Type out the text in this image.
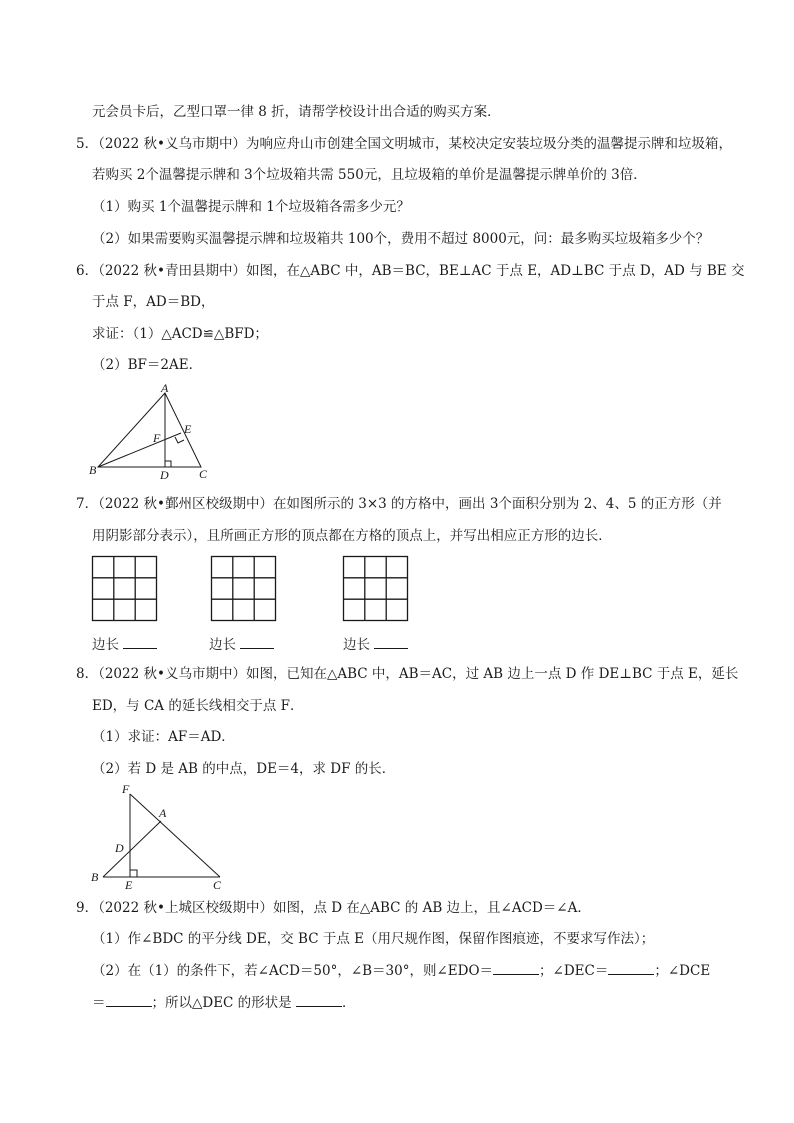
元会员卡后，乙型口罩一律 8 折，请帮学校设计出合适的购买方案．
5．（2022 秋•义乌市期中）为响应舟山市创建全国文明城市，某校决定安装垃圾分类的温馨提示牌和垃圾箱，
若购买 2个温馨提示牌和 3个垃圾箱共需 550元，且垃圾箱的单价是温馨提示牌单价的 3倍．
（1）购买 1个温馨提示牌和 1个垃圾箱各需多少元？
（2）如果需要购买温馨提示牌和垃圾箱共 100个，费用不超过 8000元，问：最多购买垃圾箱多少个？
6．（2022 秋•青田县期中）如图，在△ABC 中，AB＝BC，BE⊥AC 于点 E，AD⊥BC 于点 D，AD 与 BE 交
于点 F，AD＝BD，
求证：（1）△ACD≌△BFD；
（2）BF＝2AE．
A
B	C
D
E
F
7．（2022 秋•鄞州区校级期中）在如图所示的 3×3 的方格中，画出 3个面积分别为 2、4、5 的正方形（并
用阴影部分表示），且所画正方形的顶点都在方格的顶点上，并写出相应正方形的边长．
边长	边长	边长
8．（2022 秋•义乌市期中）如图，已知在△ABC 中，AB＝AC，过 AB 边上一点 D 作 DE⊥BC 于点 E，延长
ED，与 CA 的延长线相交于点 F．
（1）求证：AF＝AD．
（2）若 D 是 AB 的中点，DE＝4，求 DF 的长．
F
A
D
B
E	C
9．（2022 秋•上城区校级期中）如图，点 D 在△ABC 的 AB 边上，且∠ACD＝∠A．
（1）作∠BDC 的平分线 DE，交 BC 于点 E（用尺规作图，保留作图痕迹，不要求写作法）；
（2）在（1）的条件下，若∠ACD＝50°，∠B＝30°，则∠EDO＝	；∠DEC＝	；∠DCE
＝	；所以△DEC 的形状是	．
